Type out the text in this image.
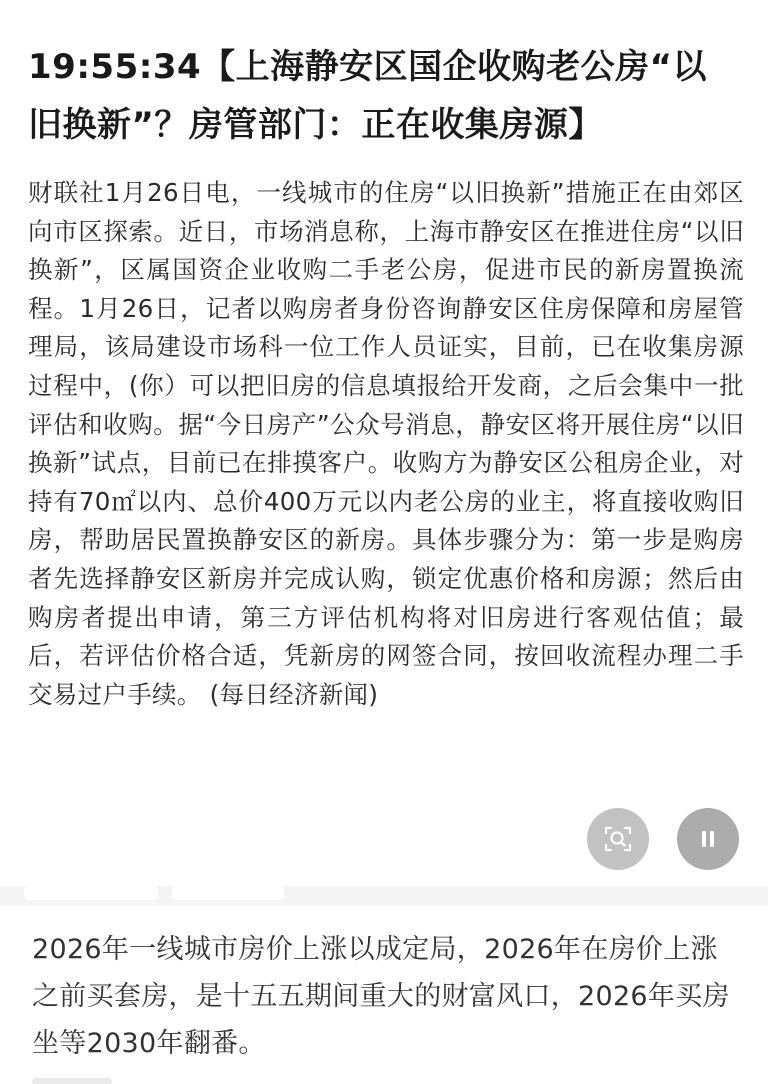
19:55:34【上海静安区国企收购老公房“以旧换新”？房管部门：正在收集房源】

财联社1月26日电，一线城市的住房“以旧换新”措施正在由郊区向市区探索。近日，市场消息称，上海市静安区在推进住房“以旧换新”，区属国资企业收购二手老公房，促进市民的新房置换流程。1月26日，记者以购房者身份咨询静安区住房保障和房屋管理局，该局建设市场科一位工作人员证实，目前，已在收集房源过程中，(你）可以把旧房的信息填报给开发商，之后会集中一批评估和收购。据“今日房产”公众号消息，静安区将开展住房“以旧换新”试点，目前已在排摸客户。收购方为静安区公租房企业，对持有70㎡以内、总价400万元以内老公房的业主，将直接收购旧房，帮助居民置换静安区的新房。具体步骤分为：第一步是购房者先选择静安区新房并完成认购，锁定优惠价格和房源；然后由购房者提出申请，第三方评估机构将对旧房进行客观估值；最后，若评估价格合适，凭新房的网签合同，按回收流程办理二手交易过户手续。 (每日经济新闻)

2026年一线城市房价上涨以成定局，2026年在房价上涨之前买套房，是十五五期间重大的财富风口，2026年买房坐等2030年翻番。
